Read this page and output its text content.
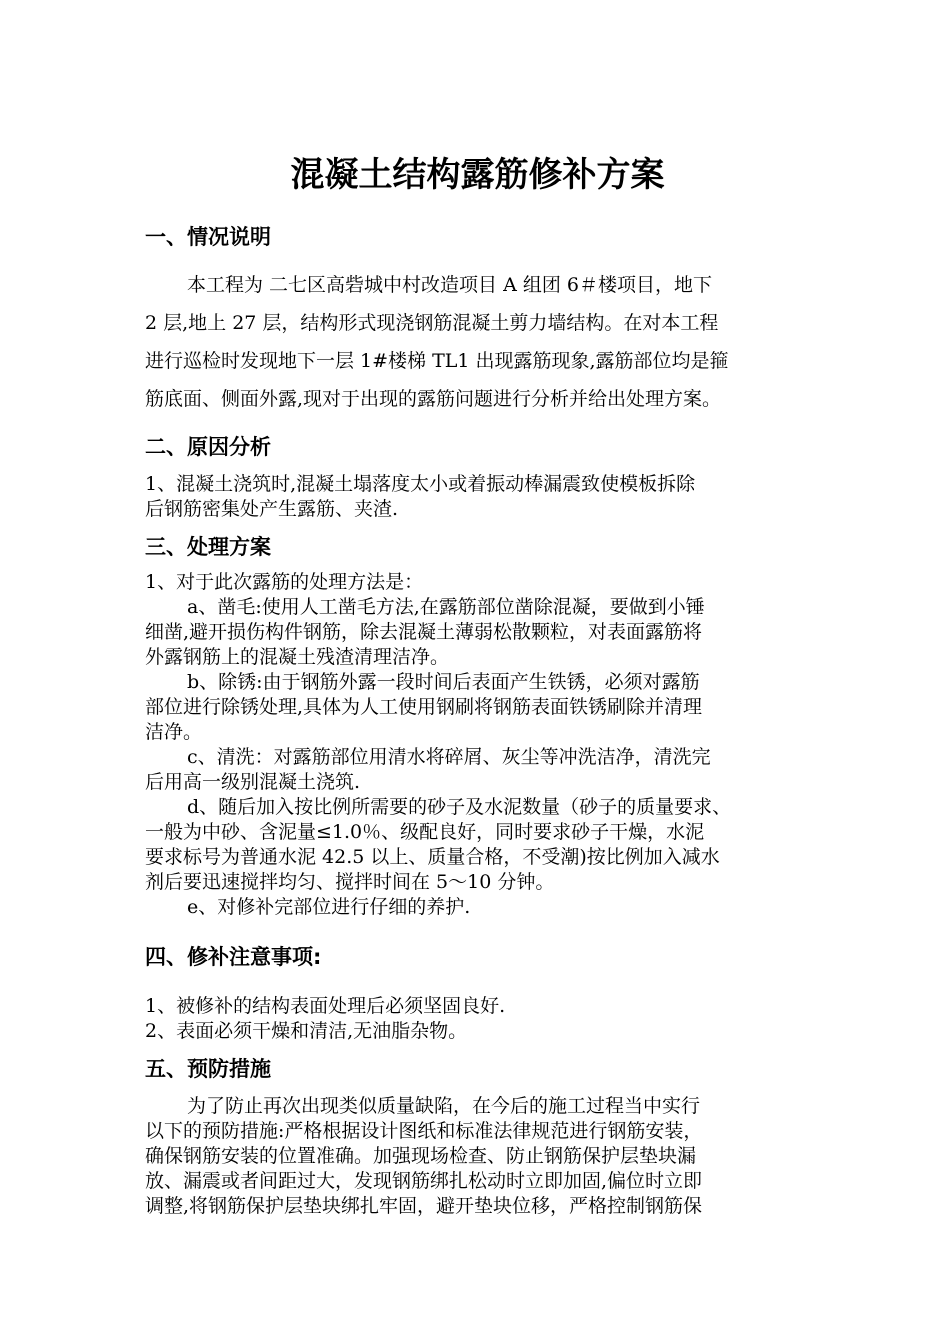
混凝土结构露筋修补方案
一、情况说明
本工程为 二七区高砦城中村改造项目 A 组团 6＃楼项目，地下
2 层,地上 27 层，结构形式现浇钢筋混凝土剪力墙结构。在对本工程
进行巡检时发现地下一层 1#楼梯 TL1 出现露筋现象,露筋部位均是箍
筋底面、侧面外露,现对于出现的露筋问题进行分析并给出处理方案。
二、原因分析
1、混凝土浇筑时,混凝土塌落度太小或着振动棒漏震致使模板拆除
后钢筋密集处产生露筋、夹渣.
三、处理方案
1、对于此次露筋的处理方法是：
a、凿毛:使用人工凿毛方法,在露筋部位凿除混凝，要做到小锤
细凿,避开损伤构件钢筋，除去混凝土薄弱松散颗粒，对表面露筋将
外露钢筋上的混凝土残渣清理洁净。
b、除锈:由于钢筋外露一段时间后表面产生铁锈，必须对露筋
部位进行除锈处理,具体为人工使用钢刷将钢筋表面铁锈刷除并清理
洁净。
c、清洗：对露筋部位用清水将碎屑、灰尘等冲洗洁净，清洗完
后用高一级别混凝土浇筑.
d、随后加入按比例所需要的砂子及水泥数量（砂子的质量要求、
一般为中砂、含泥量≤1.0％、级配良好，同时要求砂子干燥，水泥
要求标号为普通水泥 42.5 以上、质量合格，不受潮)按比例加入减水
剂后要迅速搅拌均匀、搅拌时间在 5～10 分钟。
e、对修补完部位进行仔细的养护.
四、修补注意事项:
1、被修补的结构表面处理后必须坚固良好.
2、表面必须干燥和清洁,无油脂杂物。
五、预防措施
为了防止再次出现类似质量缺陷，在今后的施工过程当中实行
以下的预防措施:严格根据设计图纸和标准法律规范进行钢筋安装，
确保钢筋安装的位置准确。加强现场检查、防止钢筋保护层垫块漏
放、漏震或者间距过大，发现钢筋绑扎松动时立即加固,偏位时立即
调整,将钢筋保护层垫块绑扎牢固，避开垫块位移，严格控制钢筋保
